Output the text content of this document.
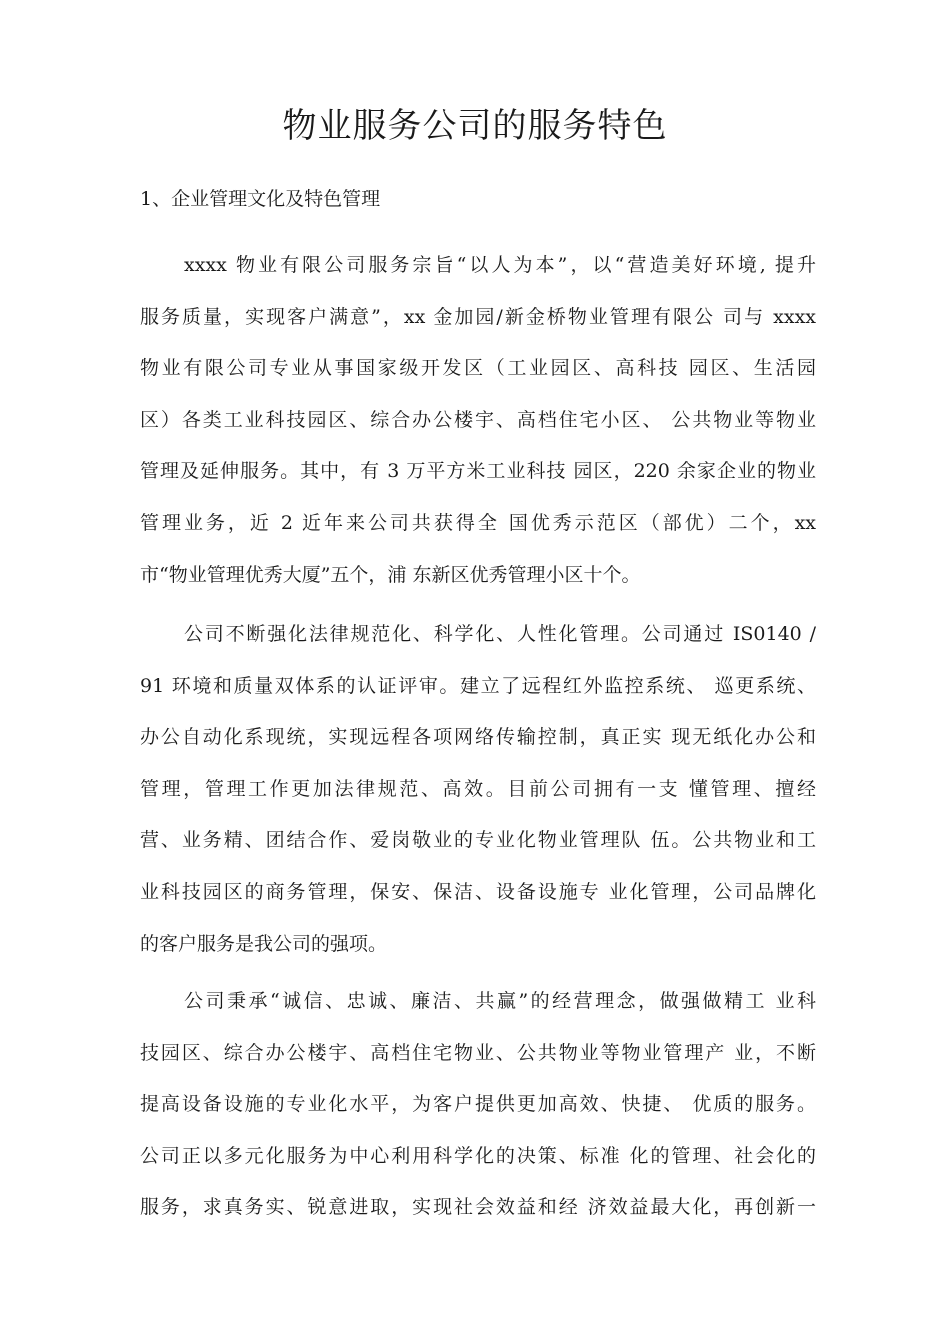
物业服务公司的服务特色
1、企业管理文化及特色管理
xxxx 物业有限公司服务宗旨“以人为本”，以“营造美好环境, 提升
服务质量，实现客户满意”，xx 金加园/新金桥物业管理有限公 司与 xxxx
物业有限公司专业从事国家级开发区（工业园区、高科技 园区、生活园
区）各类工业科技园区、综合办公楼宇、高档住宅小区、 公共物业等物业
管理及延伸服务。其中，有 3 万平方米工业科技 园区，220 余家企业的物业
管理业务，近 2 近年来公司共获得全 国优秀示范区（部优）二个，xx
市“物业管理优秀大厦”五个，浦 东新区优秀管理小区十个。
公司不断强化法律规范化、科学化、人性化管理。公司通过 IS0140 /
91 环境和质量双体系的认证评审。建立了远程红外监控系统、 巡更系统、
办公自动化系现统，实现远程各项网络传输控制，真正实 现无纸化办公和
管理，管理工作更加法律规范、高效。目前公司拥有一支 懂管理、擅经
营、业务精、团结合作、爱岗敬业的专业化物业管理队 伍。公共物业和工
业科技园区的商务管理，保安、保洁、设备设施专 业化管理，公司品牌化
的客户服务是我公司的强项。
公司秉承“诚信、忠诚、廉洁、共赢”的经营理念，做强做精工 业科
技园区、综合办公楼宇、高档住宅物业、公共物业等物业管理产 业，不断
提高设备设施的专业化水平，为客户提供更加高效、快捷、 优质的服务。
公司正以多元化服务为中心利用科学化的决策、标准 化的管理、社会化的
服务，求真务实、锐意进取，实现社会效益和经 济效益最大化，再创新一
